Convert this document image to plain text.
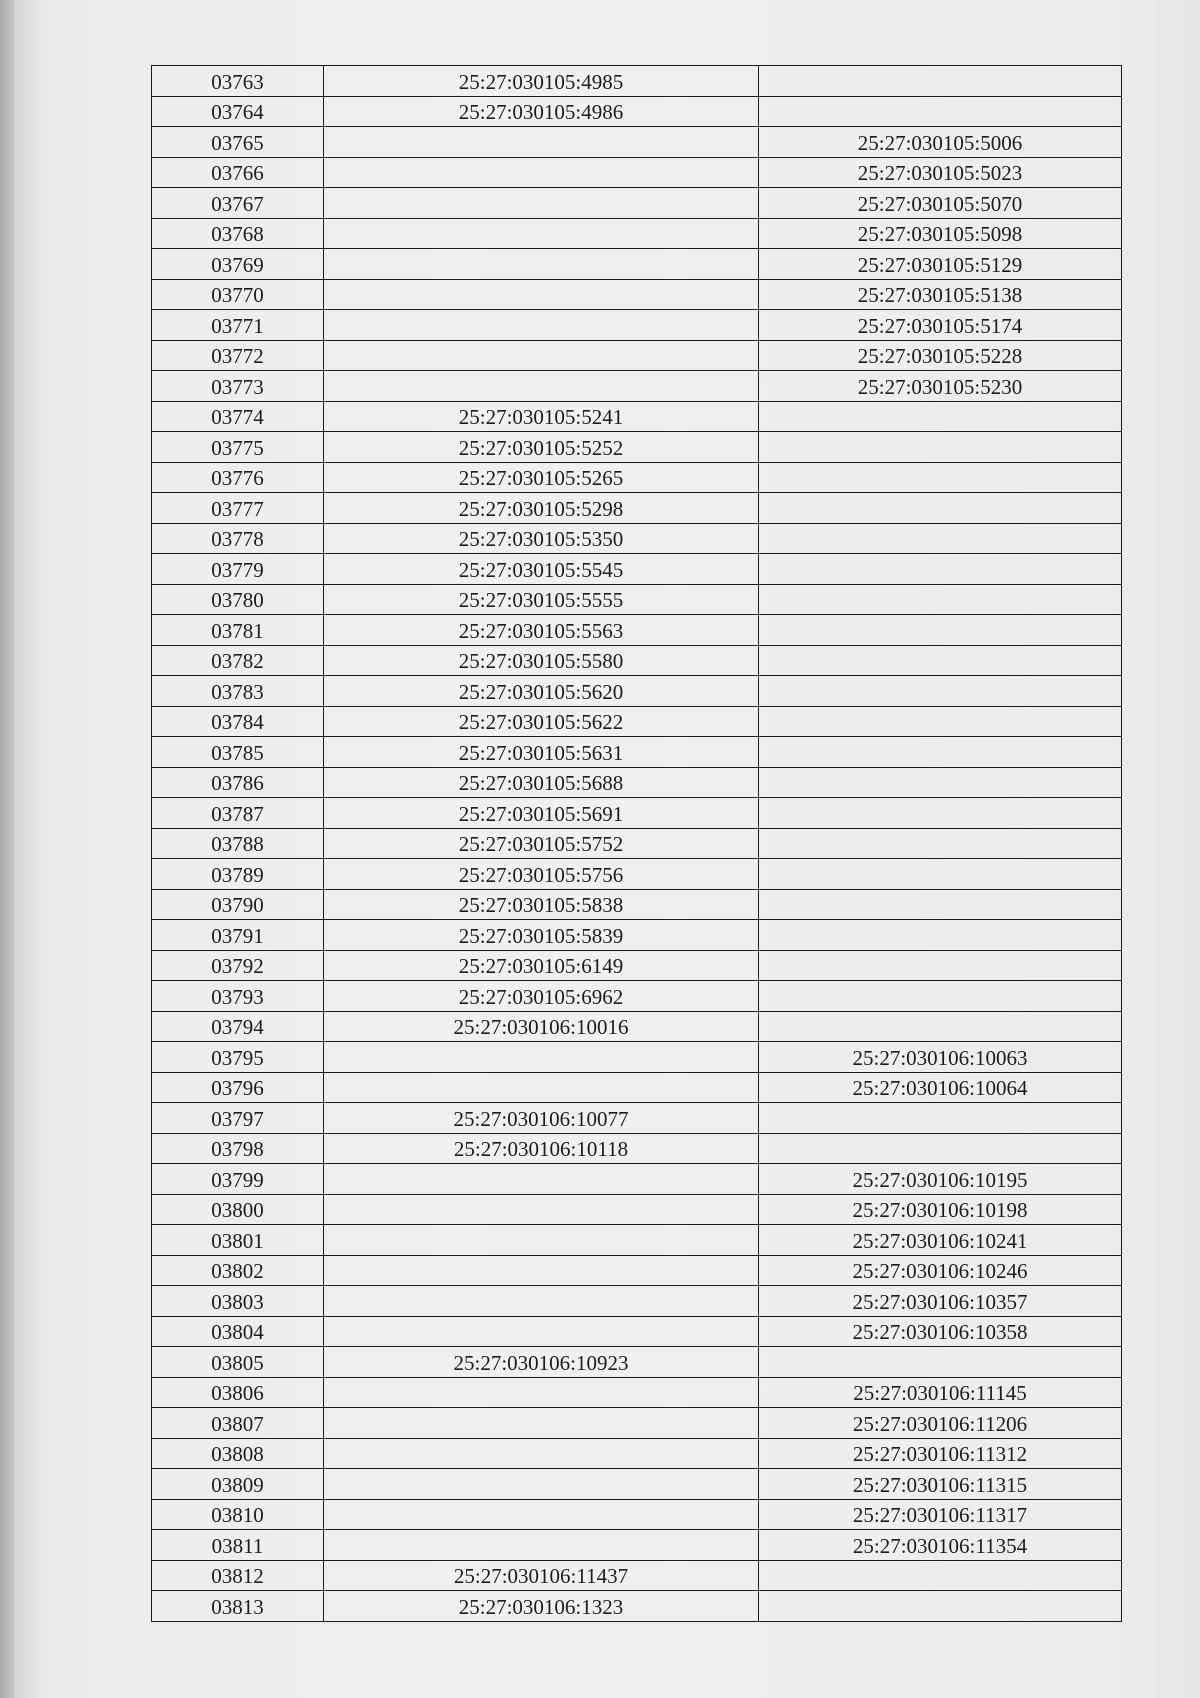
03763	25:27:030105:4985	
03764	25:27:030105:4986	
03765		25:27:030105:5006
03766		25:27:030105:5023
03767		25:27:030105:5070
03768		25:27:030105:5098
03769		25:27:030105:5129
03770		25:27:030105:5138
03771		25:27:030105:5174
03772		25:27:030105:5228
03773		25:27:030105:5230
03774	25:27:030105:5241	
03775	25:27:030105:5252	
03776	25:27:030105:5265	
03777	25:27:030105:5298	
03778	25:27:030105:5350	
03779	25:27:030105:5545	
03780	25:27:030105:5555	
03781	25:27:030105:5563	
03782	25:27:030105:5580	
03783	25:27:030105:5620	
03784	25:27:030105:5622	
03785	25:27:030105:5631	
03786	25:27:030105:5688	
03787	25:27:030105:5691	
03788	25:27:030105:5752	
03789	25:27:030105:5756	
03790	25:27:030105:5838	
03791	25:27:030105:5839	
03792	25:27:030105:6149	
03793	25:27:030105:6962	
03794	25:27:030106:10016	
03795		25:27:030106:10063
03796		25:27:030106:10064
03797	25:27:030106:10077	
03798	25:27:030106:10118	
03799		25:27:030106:10195
03800		25:27:030106:10198
03801		25:27:030106:10241
03802		25:27:030106:10246
03803		25:27:030106:10357
03804		25:27:030106:10358
03805	25:27:030106:10923	
03806		25:27:030106:11145
03807		25:27:030106:11206
03808		25:27:030106:11312
03809		25:27:030106:11315
03810		25:27:030106:11317
03811		25:27:030106:11354
03812	25:27:030106:11437	
03813	25:27:030106:1323	
